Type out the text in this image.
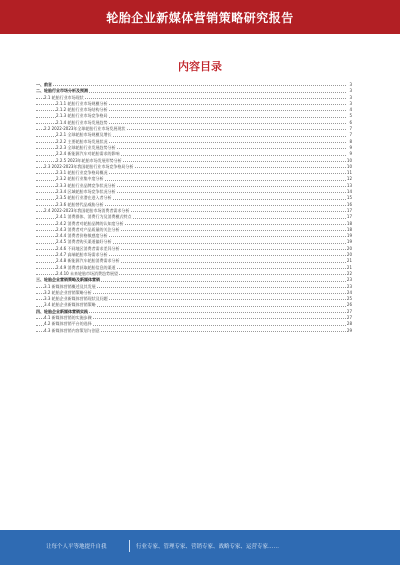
轮胎企业新媒体营销策略研究报告
内容目录
一、前言	3
二、轮胎行业市场分析及预测	3
2.1 轮胎行业市场现状	3
2.1.1 轮胎行业市场规模分析	3
2.1.2 轮胎行业市场结构分析	4
2.1.3 轮胎行业市场竞争格局	5
2.1.4 轮胎行业市场发展趋势	6
2.2 2022-2023年全球轮胎行业市场发展现状	7
2.2.1 全球轮胎市场规模及增长	7
2.2.2 主要轮胎市场发展状况	8
2.2.3 全球轮胎行业发展趋势分析	9
2.2.4 新能源汽车对轮胎需求的影响	9
2.2.5 2023年轮胎市场发展形势分析	10
2.3 2022-2023年我国轮胎行业市场竞争格局分析	10
2.3.1 轮胎行业竞争格局概况	11
2.3.2 轮胎行业集中度分析	12
2.3.3 轮胎行业品牌竞争状况分析	13
2.3.4 区域轮胎市场竞争状况分析	14
2.3.5 轮胎行业潜在进入者分析	15
2.3.6 轮胎替代品威胁分析	16
2.4 2022-2023年我国轮胎市场消费者需求分析	17
2.4.1 消费群体、消费行为及消费模式特点	17
2.4.2 消费者对轮胎品牌的认知度分析	18
2.4.3 消费者对产品质量的关注分析	18
2.4.4 消费者价格敏感度分析	19
2.4.5 消费者购买渠道偏好分析	19
2.4.6 不同地区消费者需求差异分析	20
2.4.7 高端轮胎市场需求分析	20
2.4.8 新能源汽车轮胎消费需求分析	21
2.4.9 消费者获取轮胎信息的渠道	21
2.4.10 未来轮胎市场消费趋势展望	22
三、轮胎企业营销策略及新媒体营销	23
3.1 新媒体营销概述及其发展	23
3.2 轮胎企业营销策略分析	24
3.3 轮胎企业新媒体营销现状及问题	25
3.4 轮胎企业新媒体营销策略	26
四、轮胎企业新媒体营销实践	27
4.1 新媒体营销的实施步骤	27
4.2 新媒体营销平台的选择	28
4.3 新媒体营销内容策划与创意	29
让每个人平等地提升自我	行业专家、管理专家、营销专家、战略专家、运营专家……
